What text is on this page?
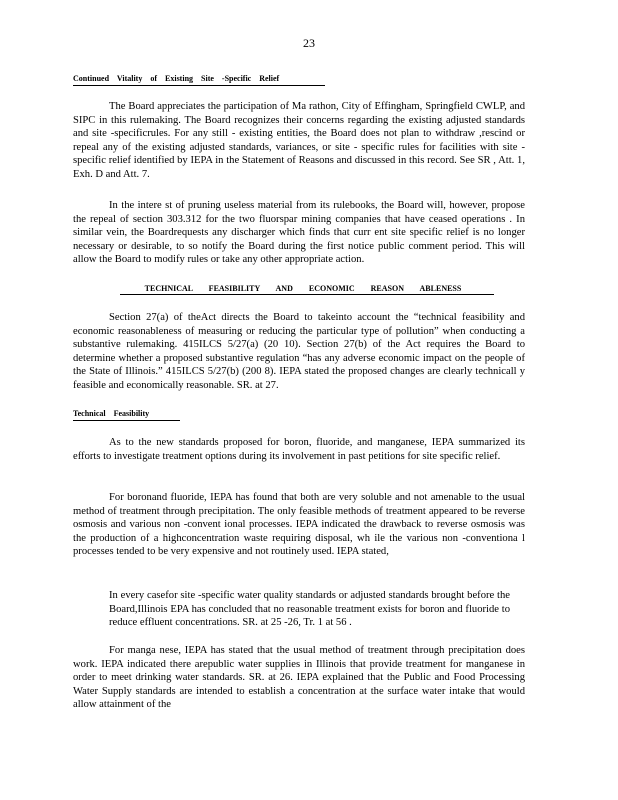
23
Continued Vitality of Existing Site -Specific Relief

The Board appreciates the participation of Ma rathon, City of Effingham, Springfield CWLP, and SIPC in this rulemaking. The Board recognizes their concerns regarding the existing adjusted standards and site -specificrules. For any still - existing entities, the Board does not plan to withdraw ,rescind or repeal any of the existing adjusted standards, variances, or site - specific rules for facilities with site -specific relief identified by IEPA in the Statement of Reasons and discussed in this record. See SR , Att. 1, Exh. D and Att. 7.

In the intere st of pruning useless material from its rulebooks, the Board will, however, propose the repeal of section 303.312 for the two fluorspar mining companies that have ceased operations . In similar vein, the Boardrequests any discharger which finds that curr ent site specific relief is no longer necessary or desirable, to so notify the Board during the first notice public comment period. This will allow the Board to modify rules or take any other appropriate action.

TECHNICAL FEASIBILITY AND ECONOMIC REASON ABLENESS

Section 27(a) of theAct directs the Board to takeinto account the “technical feasibility and economic reasonableness of measuring or reducing the particular type of pollution” when conducting a substantive rulemaking. 415ILCS 5/27(a) (20 10). Section 27(b) of the Act requires the Board to determine whether a proposed substantive regulation “has any adverse economic impact on the people of the State of Illinois.” 415ILCS 5/27(b) (200 8). IEPA stated the proposed changes are clearly technicall y feasible and economically reasonable. SR. at 27.

Technical Feasibility

As to the new standards proposed for boron, fluoride, and manganese, IEPA summarized its efforts to investigate treatment options during its involvement in past petitions for site specific relief.

For boronand fluoride, IEPA has found that both are very soluble and not amenable to the usual method of treatment through precipitation. The only feasible methods of treatment appeared to be reverse osmosis and various non -convent ional processes. IEPA indicated the drawback to reverse osmosis was the production of a highconcentration waste requiring disposal, wh ile the various non -conventiona l processes tended to be very expensive and not routinely used. IEPA stated,

In every casefor site -specific water quality standards or adjusted standards brought before the Board,Illinois EPA has concluded that no reasonable treatment exists for boron and fluoride to reduce effluent concentrations. SR. at 25 -26, Tr. 1 at 56 .

For manga nese, IEPA has stated that the usual method of treatment through precipitation does work. IEPA indicated there arepublic water supplies in Illinois that provide treatment for manganese in order to meet drinking water standards. SR. at 26. IEPA explained that the Public and Food Processing Water Supply standards are intended to establish a concentration at the surface water intake that would allow attainment of the
